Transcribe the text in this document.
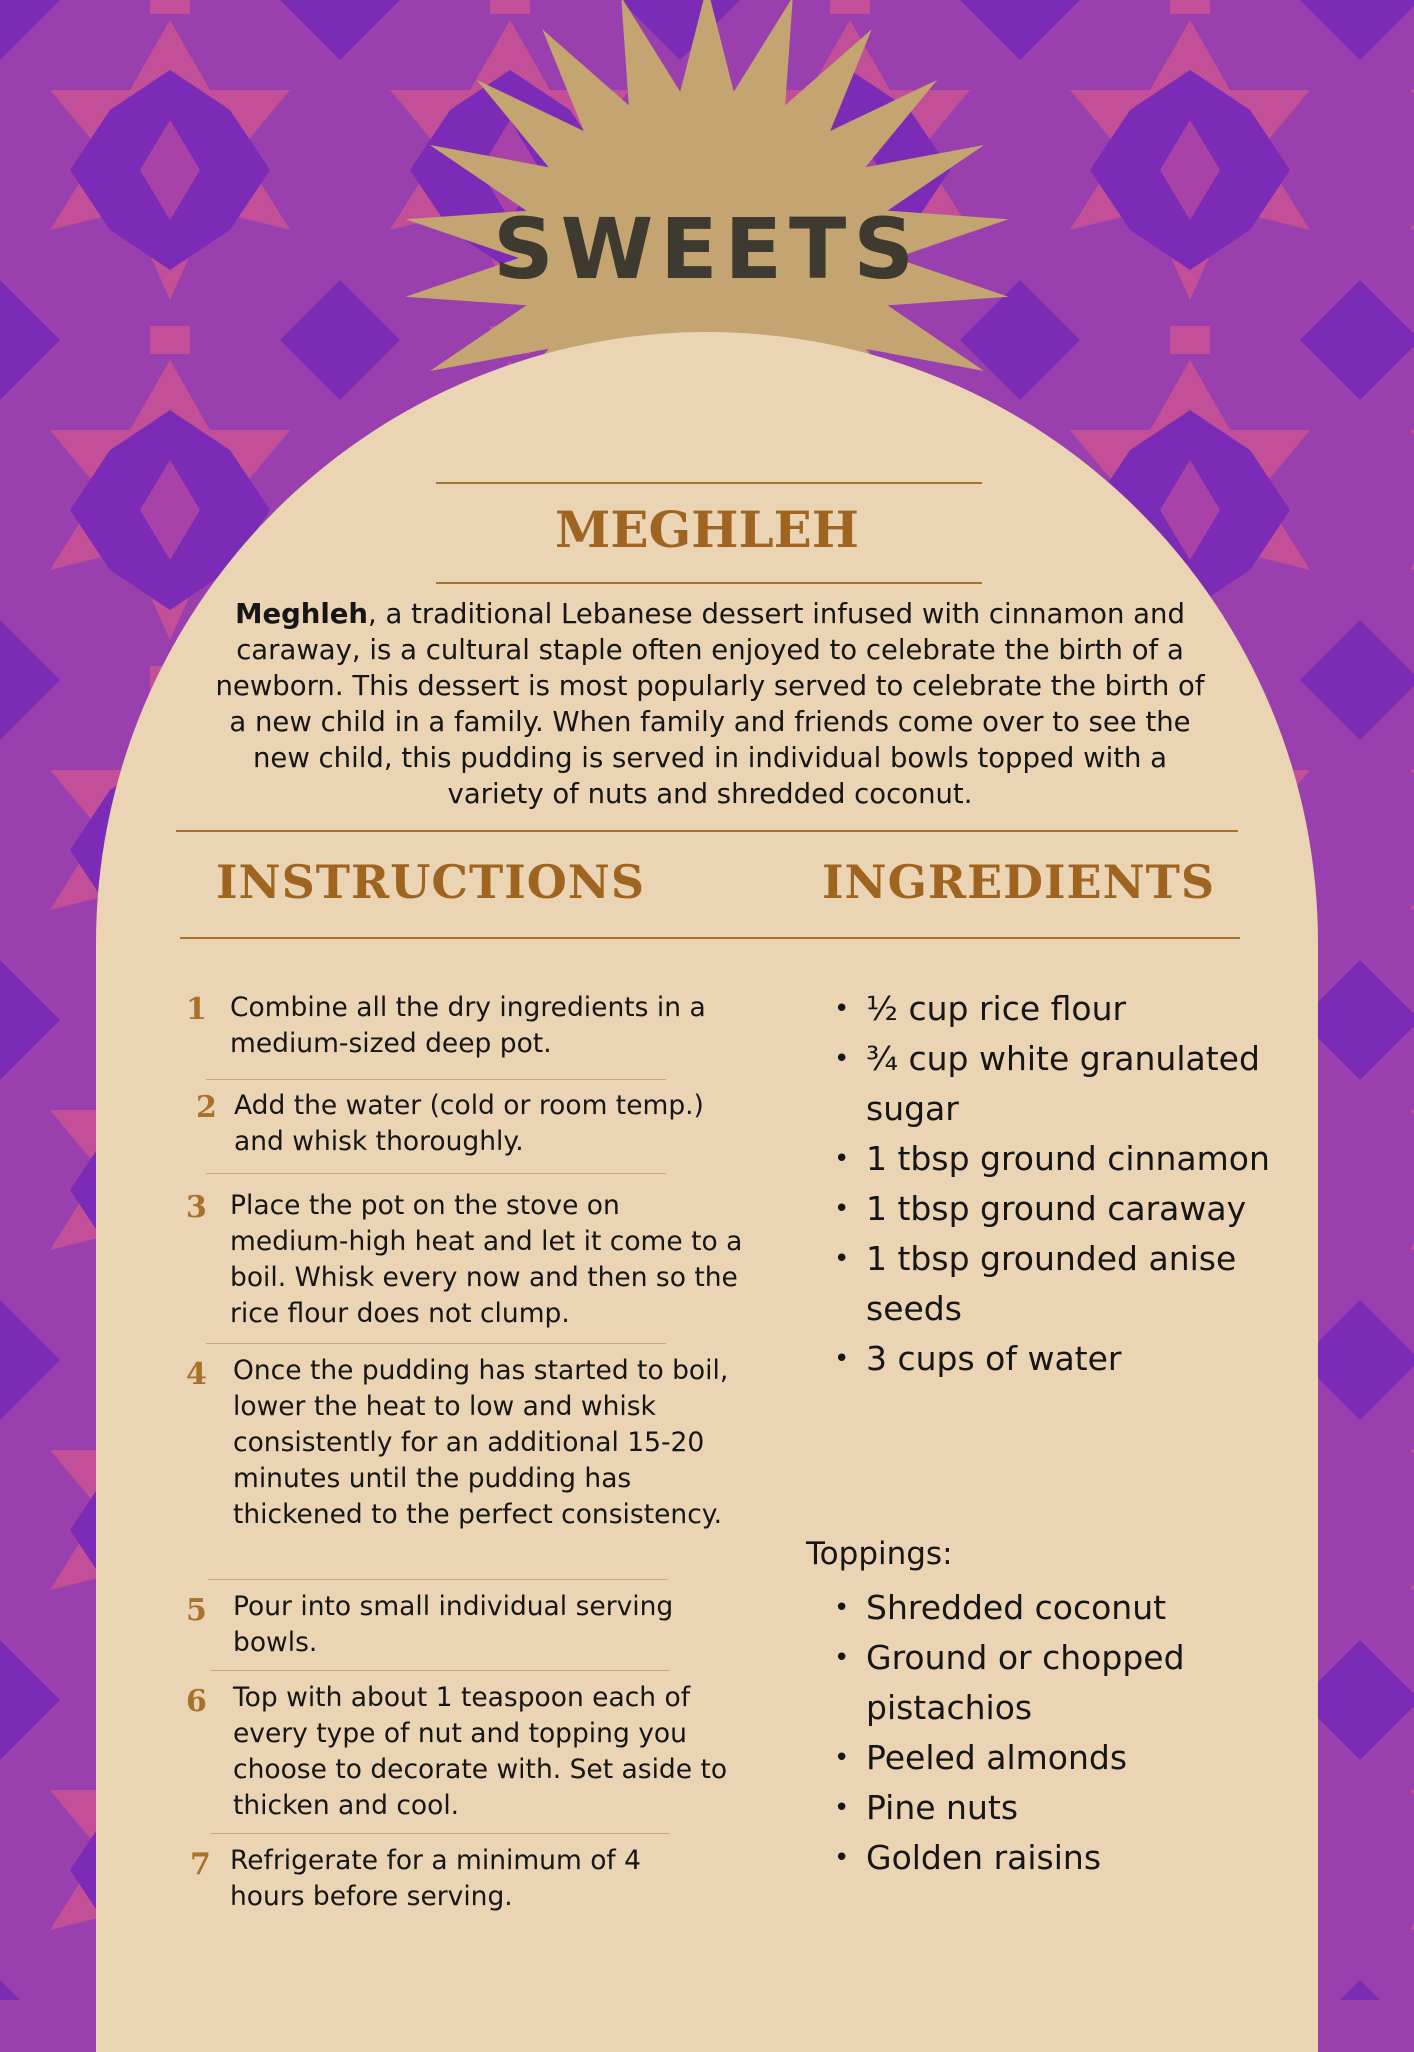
SWEETS
MEGHLEH
Meghleh, a traditional Lebanese dessert infused with cinnamon and caraway, is a cultural staple often enjoyed to celebrate the birth of a newborn. This dessert is most popularly served to celebrate the birth of a new child in a family. When family and friends come over to see the new child, this pudding is served in individual bowls topped with a variety of nuts and shredded coconut.
INSTRUCTIONS	INGREDIENTS
1 Combine all the dry ingredients in a medium-sized deep pot.
2 Add the water (cold or room temp.) and whisk thoroughly.
3 Place the pot on the stove on medium-high heat and let it come to a boil. Whisk every now and then so the rice flour does not clump.
4 Once the pudding has started to boil, lower the heat to low and whisk consistently for an additional 15-20 minutes until the pudding has thickened to the perfect consistency.
5 Pour into small individual serving bowls.
6 Top with about 1 teaspoon each of every type of nut and topping you choose to decorate with. Set aside to thicken and cool.
7 Refrigerate for a minimum of 4 hours before serving.
• ½ cup rice flour
• ¾ cup white granulated sugar
• 1 tbsp ground cinnamon
• 1 tbsp ground caraway
• 1 tbsp grounded anise seeds
• 3 cups of water
Toppings:
• Shredded coconut
• Ground or chopped pistachios
• Peeled almonds
• Pine nuts
• Golden raisins
